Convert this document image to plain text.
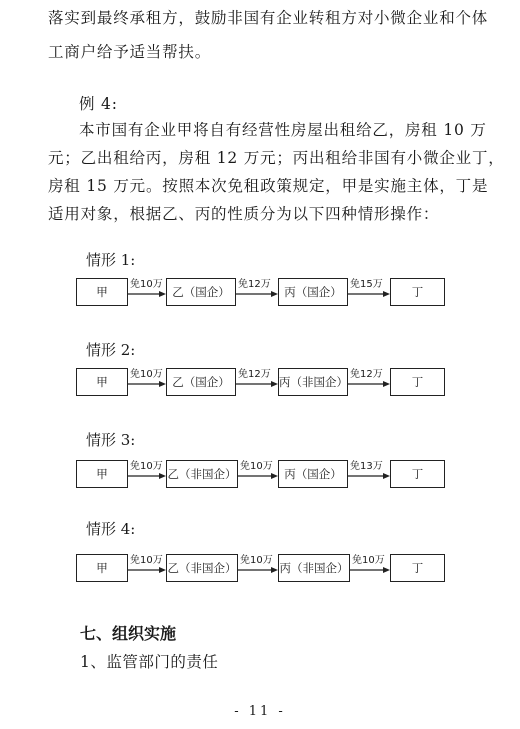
落实到最终承租方，鼓励非国有企业转租方对小微企业和个体
工商户给予适当帮扶。
例 4:
本市国有企业甲将自有经营性房屋出租给乙，房租 10 万
元；乙出租给丙，房租 12 万元；丙出租给非国有小微企业丁，
房租 15 万元。按照本次免租政策规定，甲是实施主体，丁是
适用对象，根据乙、丙的性质分为以下四种情形操作：
情形 1:
甲
免10万
乙（国企）
免12万
丙（国企）
免15万
丁
情形 2:
甲
免10万
乙（国企）
免12万
丙（非国企）
免12万
丁
情形 3:
甲
免10万
乙（非国企）
免10万
丙（国企）
免13万
丁
情形 4:
甲
免10万
乙（非国企）
免10万
丙（非国企）
免10万
丁
七、组织实施
1、监管部门的责任
- 11 -
